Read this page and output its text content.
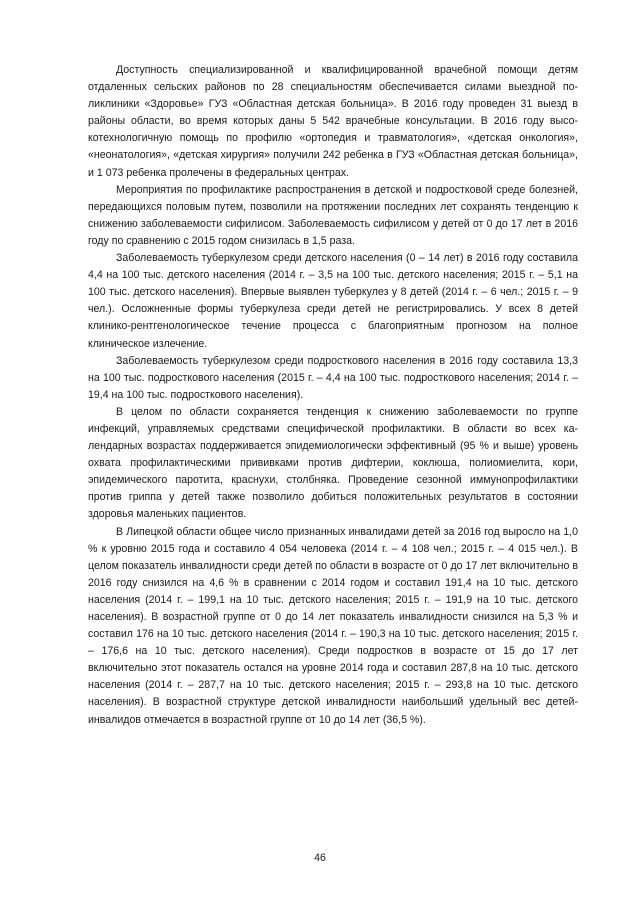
Доступность специализированной и квалифицированной врачебной помощи детям отдаленных сельских районов по 28 специальностям обеспечивается силами выездной поликлиники «Здоровье» ГУЗ «Областная детская больница». В 2016 году проведен 31 выезд в районы области, во время которых даны 5 542 врачебные консультации. В 2016 году высокотехнологичную помощь по профилю «ортопедия и травматология», «детская онкология», «неонатология», «детская хирургия» получили 242 ребенка в ГУЗ «Областная детская больница», и 1 073 ребенка пролечены в федеральных центрах.

Мероприятия по профилактике распространения в детской и подростковой среде болезней, передающихся половым путем, позволили на протяжении последних лет сохранять тенденцию к снижению заболеваемости сифилисом. Заболеваемость сифилисом у детей от 0 до 17 лет в 2016 году по сравнению с 2015 годом снизилась в 1,5 раза.

Заболеваемость туберкулезом среди детского населения (0 – 14 лет) в 2016 году составила 4,4 на 100 тыс. детского населения (2014 г. – 3,5 на 100 тыс. детского населения; 2015 г. – 5,1 на 100 тыс. детского населения). Впервые выявлен туберкулез у 8 детей (2014 г. – 6 чел.; 2015 г. – 9 чел.). Осложненные формы туберкулеза среди детей не регистрировались. У всех 8 детей клинико-рентгенологическое течение процесса с благоприятным прогнозом на полное клиническое излечение.

Заболеваемость туберкулезом среди подросткового населения в 2016 году составила 13,3 на 100 тыс. подросткового населения (2015 г. – 4,4 на 100 тыс. подросткового населения; 2014 г. – 19,4 на 100 тыс. подросткового населения).

В целом по области сохраняется тенденция к снижению заболеваемости по группе инфекций, управляемых средствами специфической профилактики. В области во всех календарных возрастах поддерживается эпидемиологически эффективный (95 % и выше) уровень охвата профилактическими прививками против дифтерии, коклюша, полиомиелита, кори, эпидемического паротита, краснухи, столбняка. Проведение сезонной иммунопрофилактики против гриппа у детей также позволило добиться положительных результатов в состоянии здоровья маленьких пациентов.

В Липецкой области общее число признанных инвалидами детей за 2016 год выросло на 1,0 % к уровню 2015 года и составило 4 054 человека (2014 г. – 4 108 чел.; 2015 г. – 4 015 чел.). В целом показатель инвалидности среди детей по области в возрасте от 0 до 17 лет включительно в 2016 году снизился на 4,6 % в сравнении с 2014 годом и составил 191,4 на 10 тыс. детского населения (2014 г. – 199,1 на 10 тыс. детского населения; 2015 г. – 191,9 на 10 тыс. детского населения). В возрастной группе от 0 до 14 лет показатель инвалидности снизился на 5,3 % и составил 176 на 10 тыс. детского населения (2014 г. – 190,3 на 10 тыс. детского населения; 2015 г. – 176,6 на 10 тыс. детского населения). Среди подростков в возрасте от 15 до 17 лет включительно этот показатель остался на уровне 2014 года и составил 287,8 на 10 тыс. детского населения (2014 г. – 287,7 на 10 тыс. детского населения; 2015 г. – 293,8 на 10 тыс. детского населения). В возрастной структуре детской инвалидности наибольший удельный вес детей-инвалидов отмечается в возрастной группе от 10 до 14 лет (36,5 %).

46
